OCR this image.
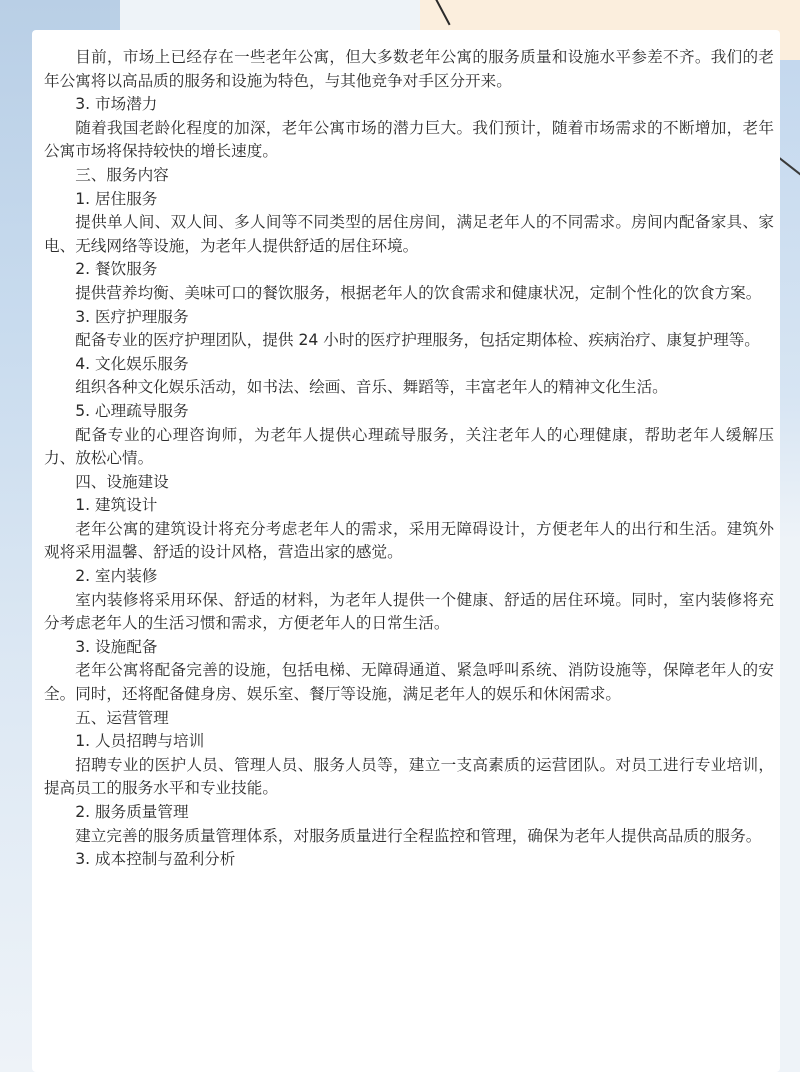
目前，市场上已经存在一些老年公寓，但大多数老年公寓的服务质量和设施水平参差不齐。我们的老年公寓将以高品质的服务和设施为特色，与其他竞争对手区分开来。

3. 市场潜力

随着我国老龄化程度的加深，老年公寓市场的潜力巨大。我们预计，随着市场需求的不断增加，老年公寓市场将保持较快的增长速度。

三、服务内容

1. 居住服务

提供单人间、双人间、多人间等不同类型的居住房间，满足老年人的不同需求。房间内配备家具、家电、无线网络等设施，为老年人提供舒适的居住环境。

2. 餐饮服务

提供营养均衡、美味可口的餐饮服务，根据老年人的饮食需求和健康状况，定制个性化的饮食方案。

3. 医疗护理服务

配备专业的医疗护理团队，提供 24 小时的医疗护理服务，包括定期体检、疾病治疗、康复护理等。

4. 文化娱乐服务

组织各种文化娱乐活动，如书法、绘画、音乐、舞蹈等，丰富老年人的精神文化生活。

5. 心理疏导服务

配备专业的心理咨询师，为老年人提供心理疏导服务，关注老年人的心理健康，帮助老年人缓解压力、放松心情。

四、设施建设

1. 建筑设计

老年公寓的建筑设计将充分考虑老年人的需求，采用无障碍设计，方便老年人的出行和生活。建筑外观将采用温馨、舒适的设计风格，营造出家的感觉。

2. 室内装修

室内装修将采用环保、舒适的材料，为老年人提供一个健康、舒适的居住环境。同时，室内装修将充分考虑老年人的生活习惯和需求，方便老年人的日常生活。

3. 设施配备

老年公寓将配备完善的设施，包括电梯、无障碍通道、紧急呼叫系统、消防设施等，保障老年人的安全。同时，还将配备健身房、娱乐室、餐厅等设施，满足老年人的娱乐和休闲需求。

五、运营管理

1. 人员招聘与培训

招聘专业的医护人员、管理人员、服务人员等，建立一支高素质的运营团队。对员工进行专业培训，提高员工的服务水平和专业技能。

2. 服务质量管理

建立完善的服务质量管理体系，对服务质量进行全程监控和管理，确保为老年人提供高品质的服务。

3. 成本控制与盈利分析
